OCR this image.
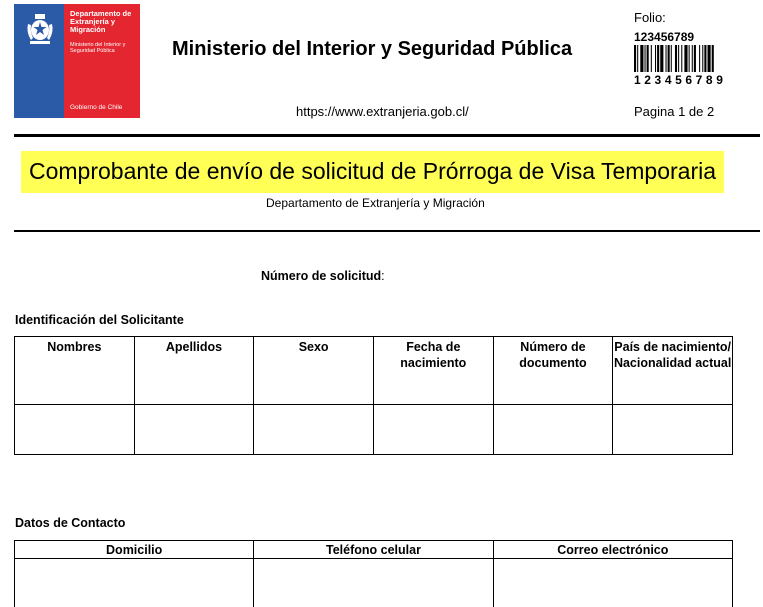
Departamento de Extranjería y Migración
Ministerio del Interior y Seguridad Pública
Gobierno de Chile
Ministerio del Interior y Seguridad Pública
https://www.extranjeria.gob.cl/
Folio:
123456789
123456789
Pagina 1 de 2
Comprobante de envío de solicitud de Prórroga de Visa Temporaria
Departamento de Extranjería y Migración
Número de solicitud:
Identificación del Solicitante
Nombres	Apellidos	Sexo	Fecha de nacimiento	Número de documento	País de nacimiento/ Nacionalidad actual

Datos de Contacto
Domicilio	Teléfono celular	Correo electrónico
